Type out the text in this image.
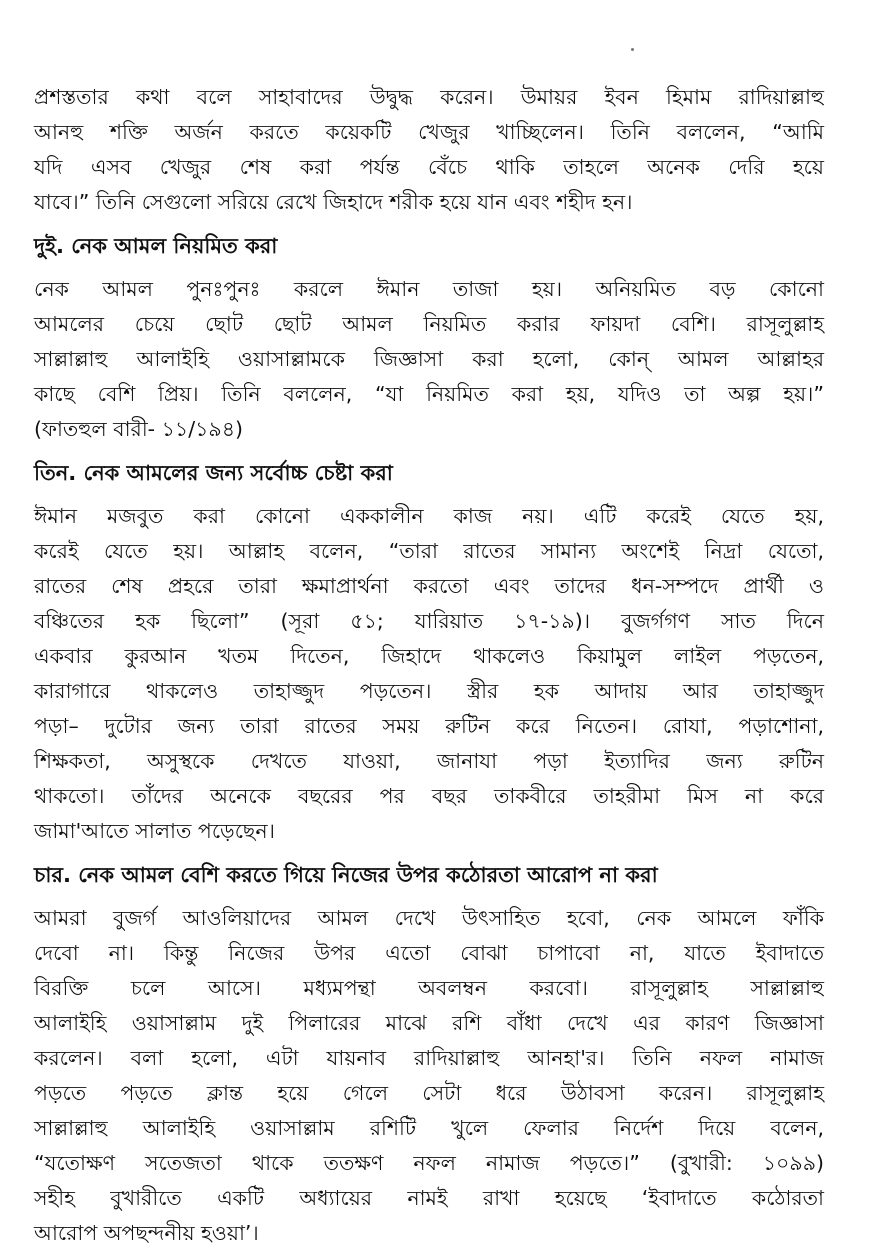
প্রশস্ততার কথা বলে সাহাবাদের উদ্বুদ্ধ করেন। উমায়র ইবন হিমাম রাদিয়াল্লাহু
আনহু শক্তি অর্জন করতে কয়েকটি খেজুর খাচ্ছিলেন। তিনি বললেন, “আমি
যদি এসব খেজুর শেষ করা পর্যন্ত বেঁচে থাকি তাহলে অনেক দেরি হয়ে
যাবে।” তিনি সেগুলো সরিয়ে রেখে জিহাদে শরীক হয়ে যান এবং শহীদ হন।

দুই. নেক আমল নিয়মিত করা

নেক আমল পুনঃপুনঃ করলে ঈমান তাজা হয়। অনিয়মিত বড় কোনো
আমলের চেয়ে ছোট ছোট আমল নিয়মিত করার ফায়দা বেশি। রাসূলুল্লাহ
সাল্লাল্লাহু আলাইহি ওয়াসাল্লামকে জিজ্ঞাসা করা হলো, কোন্ আমল আল্লাহর
কাছে বেশি প্রিয়। তিনি বললেন, “যা নিয়মিত করা হয়, যদিও তা অল্প হয়।”
(ফাতহুল বারী- ১১/১৯৪)

তিন. নেক আমলের জন্য সর্বোচ্চ চেষ্টা করা

ঈমান মজবুত করা কোনো এককালীন কাজ নয়। এটি করেই যেতে হয়,
করেই যেতে হয়। আল্লাহ বলেন, “তারা রাতের সামান্য অংশেই নিদ্রা যেতো,
রাতের শেষ প্রহরে তারা ক্ষমাপ্রার্থনা করতো এবং তাদের ধন-সম্পদে প্রার্থী ও
বঞ্চিতের হক ছিলো” (সূরা ৫১; যারিয়াত ১৭-১৯)। বুজর্গগণ সাত দিনে
একবার কুরআন খতম দিতেন, জিহাদে থাকলেও কিয়ামুল লাইল পড়তেন,
কারাগারে থাকলেও তাহাজ্জুদ পড়তেন। স্ত্রীর হক আদায় আর তাহাজ্জুদ
পড়া– দুটোর জন্য তারা রাতের সময় রুটিন করে নিতেন। রোযা, পড়াশোনা,
শিক্ষকতা, অসুস্থকে দেখতে যাওয়া, জানাযা পড়া ইত্যাদির জন্য রুটিন
থাকতো। তাঁদের অনেকে বছরের পর বছর তাকবীরে তাহরীমা মিস না করে
জামা'আতে সালাত পড়েছেন।

চার. নেক আমল বেশি করতে গিয়ে নিজের উপর কঠোরতা আরোপ না করা

আমরা বুজর্গ আওলিয়াদের আমল দেখে উৎসাহিত হবো, নেক আমলে ফাঁকি
দেবো না। কিন্তু নিজের উপর এতো বোঝা চাপাবো না, যাতে ইবাদাতে
বিরক্তি চলে আসে। মধ্যমপন্থা অবলম্বন করবো। রাসূলুল্লাহ সাল্লাল্লাহু
আলাইহি ওয়াসাল্লাম দুই পিলারের মাঝে রশি বাঁধা দেখে এর কারণ জিজ্ঞাসা
করলেন। বলা হলো, এটা যায়নাব রাদিয়াল্লাহু আনহা'র। তিনি নফল নামাজ
পড়তে পড়তে ক্লান্ত হয়ে গেলে সেটা ধরে উঠাবসা করেন। রাসূলুল্লাহ
সাল্লাল্লাহু আলাইহি ওয়াসাল্লাম রশিটি খুলে ফেলার নির্দেশ দিয়ে বলেন,
“যতোক্ষণ সতেজতা থাকে ততক্ষণ নফল নামাজ পড়তে।” (বুখারী: ১০৯৯)
সহীহ বুখারীতে একটি অধ্যায়ের নামই রাখা হয়েছে ‘ইবাদাতে কঠোরতা
আরোপ অপছন্দনীয় হওয়া’।
